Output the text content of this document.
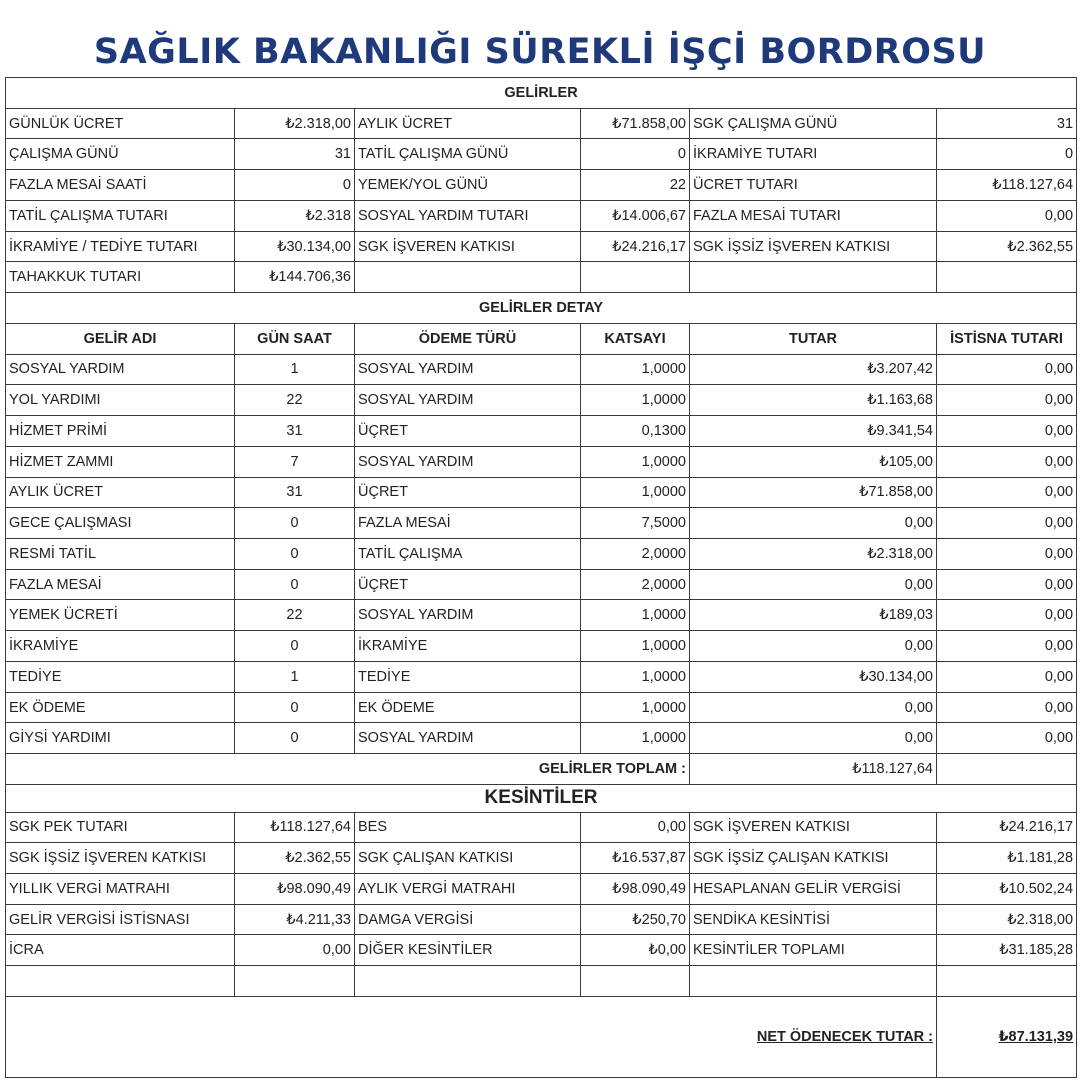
SAĞLIK BAKANLIĞI SÜREKLİ İŞÇİ BORDROSU
GELİRLER					
GÜNLÜK ÜCRET	₺2.318,00	AYLIK ÜCRET	₺71.858,00	SGK ÇALIŞMA GÜNÜ	31
ÇALIŞMA GÜNÜ	31	TATİL ÇALIŞMA GÜNÜ	0	İKRAMİYE TUTARI	0
FAZLA MESAİ SAATİ	0	YEMEK/YOL GÜNÜ	22	ÜCRET TUTARI	₺118.127,64
TATİL ÇALIŞMA TUTARI	₺2.318	SOSYAL YARDIM TUTARI	₺14.006,67	FAZLA MESAİ TUTARI	0,00
İKRAMİYE / TEDİYE TUTARI	₺30.134,00	SGK İŞVEREN KATKISI	₺24.216,17	SGK İŞSİZ İŞVEREN KATKISI	₺2.362,55
TAHAKKUK TUTARI	₺144.706,36				
GELİRLER DETAY					
GELİR ADI	GÜN SAAT	ÖDEME TÜRÜ	KATSAYI	TUTAR	İSTİSNA TUTARI
SOSYAL YARDIM	1	SOSYAL YARDIM	1,0000	₺3.207,42	0,00
YOL YARDIMI	22	SOSYAL YARDIM	1,0000	₺1.163,68	0,00
HİZMET PRİMİ	31	ÜÇRET	0,1300	₺9.341,54	0,00
HİZMET ZAMMI	7	SOSYAL YARDIM	1,0000	₺105,00	0,00
AYLIK ÜCRET	31	ÜÇRET	1,0000	₺71.858,00	0,00
GECE ÇALIŞMASI	0	FAZLA MESAİ	7,5000	0,00	0,00
RESMİ TATİL	0	TATİL ÇALIŞMA	2,0000	₺2.318,00	0,00
FAZLA MESAİ	0	ÜÇRET	2,0000	0,00	0,00
YEMEK ÜCRETİ	22	SOSYAL YARDIM	1,0000	₺189,03	0,00
İKRAMİYE	0	İKRAMİYE	1,0000	0,00	0,00
TEDİYE	1	TEDİYE	1,0000	₺30.134,00	0,00
EK ÖDEME	0	EK ÖDEME	1,0000	0,00	0,00
GİYSİ YARDIMI	0	SOSYAL YARDIM	1,0000	0,00	0,00
GELİRLER TOPLAM :				₺118.127,64	
KESİNTİLER					
SGK PEK TUTARI	₺118.127,64	BES	0,00	SGK İŞVEREN KATKISI	₺24.216,17
SGK İŞSİZ İŞVEREN KATKISI	₺2.362,55	SGK ÇALIŞAN KATKISI	₺16.537,87	SGK İŞSİZ ÇALIŞAN KATKISI	₺1.181,28
YILLIK VERGİ MATRAHI	₺98.090,49	AYLIK VERGİ MATRAHI	₺98.090,49	HESAPLANAN GELİR VERGİSİ	₺10.502,24
GELİR VERGİSİ İSTİSNASI	₺4.211,33	DAMGA VERGİSİ	₺250,70	SENDİKA KESİNTİSİ	₺2.318,00
İCRA	0,00	DİĞER KESİNTİLER	₺0,00	KESİNTİLER TOPLAMI	₺31.185,28

NET ÖDENECEK TUTAR :					₺87.131,39
